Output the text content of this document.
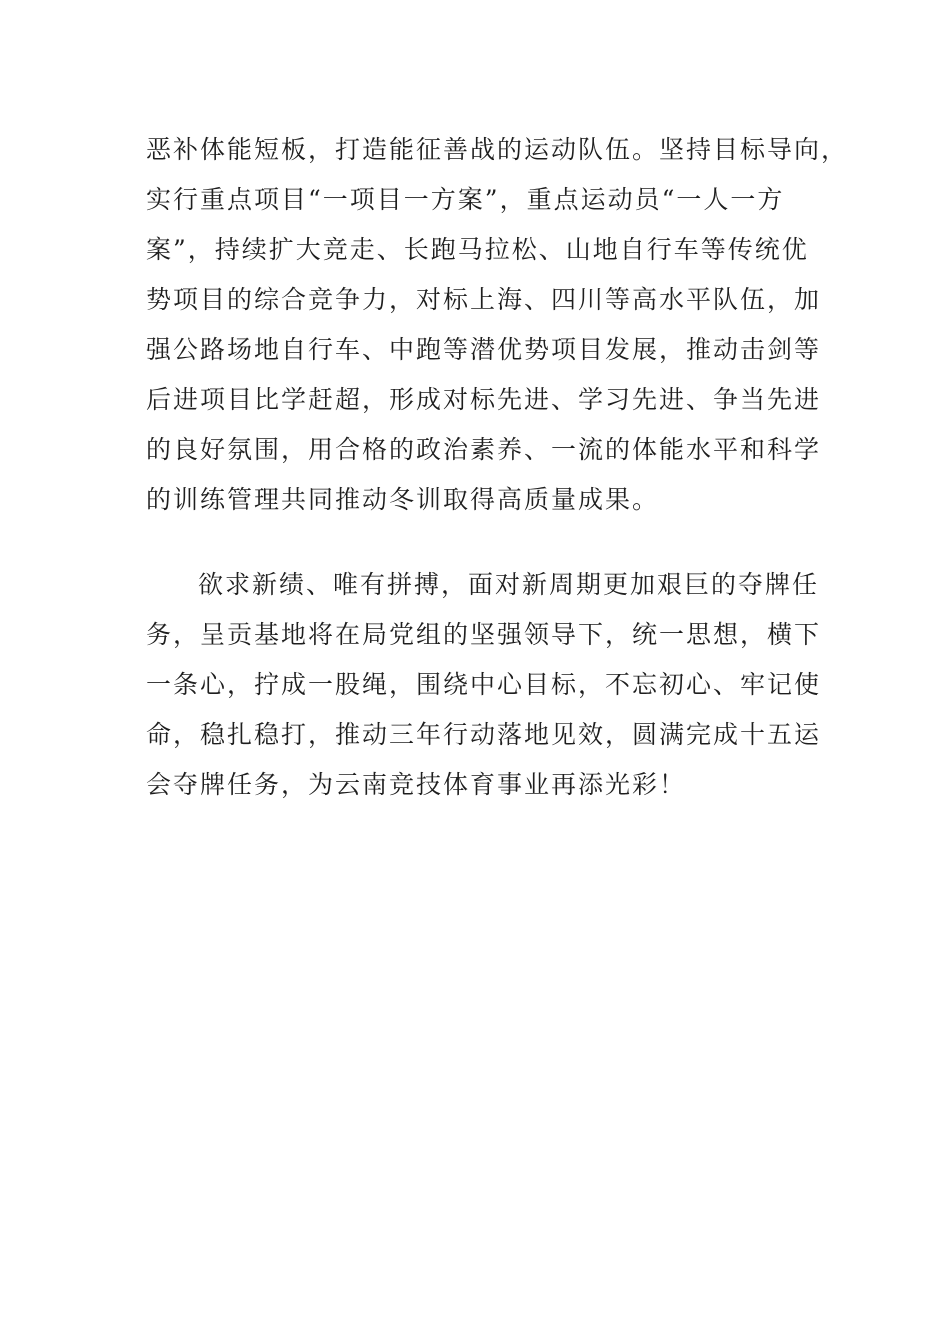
恶补体能短板，打造能征善战的运动队伍。坚持目标导向，
实行重点项目“一项目一方案”，重点运动员“一人一方
案”，持续扩大竞走、长跑马拉松、山地自行车等传统优
势项目的综合竞争力，对标上海、四川等高水平队伍，加
强公路场地自行车、中跑等潜优势项目发展，推动击剑等
后进项目比学赶超，形成对标先进、学习先进、争当先进
的良好氛围，用合格的政治素养、一流的体能水平和科学
的训练管理共同推动冬训取得高质量成果。
欲求新绩、唯有拼搏，面对新周期更加艰巨的夺牌任
务，呈贡基地将在局党组的坚强领导下，统一思想，横下
一条心，拧成一股绳，围绕中心目标，不忘初心、牢记使
命，稳扎稳打，推动三年行动落地见效，圆满完成十五运
会夺牌任务，为云南竞技体育事业再添光彩！
